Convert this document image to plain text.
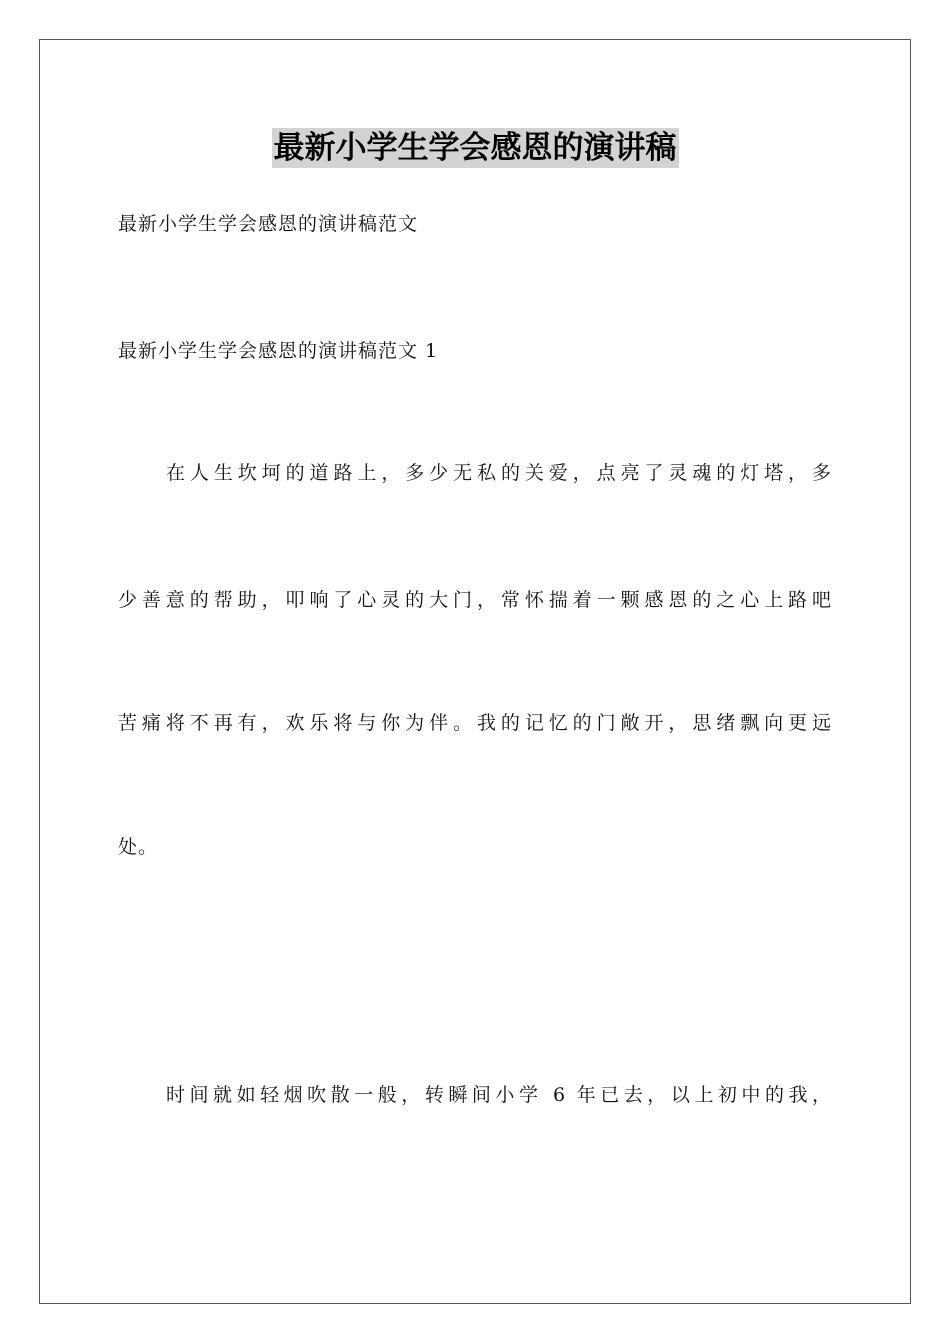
最新小学生学会感恩的演讲稿
最新小学生学会感恩的演讲稿范文
最新小学生学会感恩的演讲稿范文 1
在人生坎坷的道路上，多少无私的关爱，点亮了灵魂的灯塔，多
少善意的帮助，叩响了心灵的大门，常怀揣着一颗感恩的之心上路吧
苦痛将不再有，欢乐将与你为伴。我的记忆的门敞开，思绪飘向更远
处。
时间就如轻烟吹散一般，转瞬间小学 6 年已去，以上初中的我，
